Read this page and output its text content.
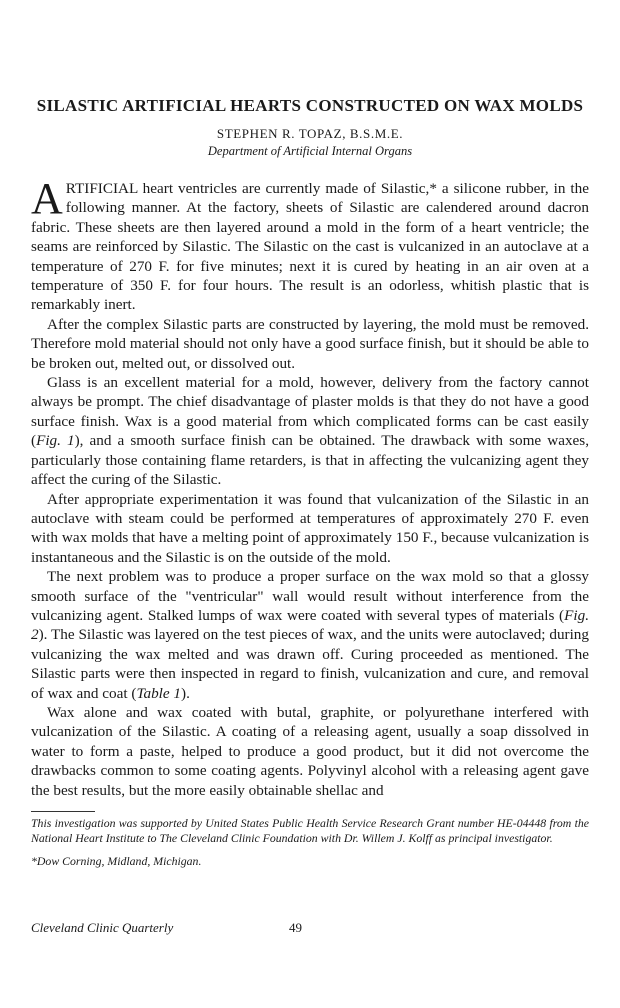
SILASTIC ARTIFICIAL HEARTS CONSTRUCTED ON WAX MOLDS

STEPHEN R. TOPAZ, B.S.M.E.

Department of Artificial Internal Organs

ARTIFICIAL heart ventricles are currently made of Silastic,* a silicone rubber, in the following manner. At the factory, sheets of Silastic are calendered around dacron fabric. These sheets are then layered around a mold in the form of a heart ventricle; the seams are reinforced by Silastic. The Silastic on the cast is vulcanized in an autoclave at a temperature of 270 F. for five minutes; next it is cured by heating in an air oven at a temperature of 350 F. for four hours. The result is an odorless, whitish plastic that is remarkably inert.

After the complex Silastic parts are constructed by layering, the mold must be removed. Therefore mold material should not only have a good surface finish, but it should be able to be broken out, melted out, or dissolved out.

Glass is an excellent material for a mold, however, delivery from the factory cannot always be prompt. The chief disadvantage of plaster molds is that they do not have a good surface finish. Wax is a good material from which complicated forms can be cast easily (Fig. 1), and a smooth surface finish can be obtained. The drawback with some waxes, particularly those containing flame retarders, is that in affecting the vulcanizing agent they affect the curing of the Silastic.

After appropriate experimentation it was found that vulcanization of the Silastic in an autoclave with steam could be performed at temperatures of approximately 270 F. even with wax molds that have a melting point of approximately 150 F., because vulcanization is instantaneous and the Silastic is on the outside of the mold.

The next problem was to produce a proper surface on the wax mold so that a glossy smooth surface of the "ventricular" wall would result without interference from the vulcanizing agent. Stalked lumps of wax were coated with several types of materials (Fig. 2). The Silastic was layered on the test pieces of wax, and the units were autoclaved; during vulcanizing the wax melted and was drawn off. Curing proceeded as mentioned. The Silastic parts were then inspected in regard to finish, vulcanization and cure, and removal of wax and coat (Table 1).

Wax alone and wax coated with butal, graphite, or polyurethane interfered with vulcanization of the Silastic. A coating of a releasing agent, usually a soap dissolved in water to form a paste, helped to produce a good product, but it did not overcome the drawbacks common to some coating agents. Polyvinyl alcohol with a releasing agent gave the best results, but the more easily obtainable shellac and

This investigation was supported by United States Public Health Service Research Grant number HE-04448 from the National Heart Institute to The Cleveland Clinic Foundation with Dr. Willem J. Kolff as principal investigator.

*Dow Corning, Midland, Michigan.

Cleveland Clinic Quarterly	49
